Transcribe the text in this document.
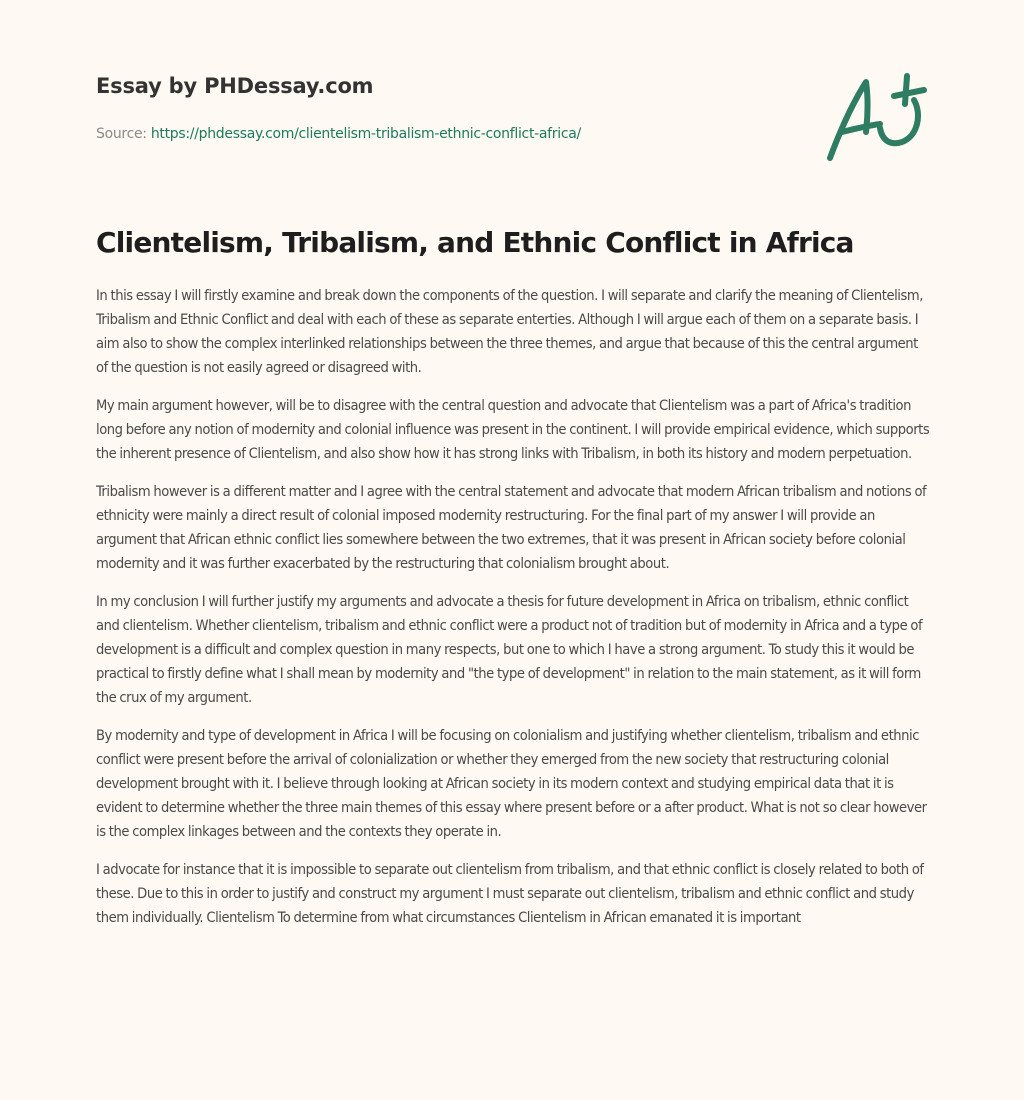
Essay by PHDessay.com
Source: https://phdessay.com/clientelism-tribalism-ethnic-conflict-africa/
Clientelism, Tribalism, and Ethnic Conflict in Africa

In this essay I will firstly examine and break down the components of the question. I will separate and clarify the meaning of Clientelism, Tribalism and Ethnic Conflict and deal with each of these as separate enterties. Although I will argue each of them on a separate basis. I aim also to show the complex interlinked relationships between the three themes, and argue that because of this the central argument of the question is not easily agreed or disagreed with.

My main argument however, will be to disagree with the central question and advocate that Clientelism was a part of Africa's tradition long before any notion of modernity and colonial influence was present in the continent. I will provide empirical evidence, which supports the inherent presence of Clientelism, and also show how it has strong links with Tribalism, in both its history and modern perpetuation.

Tribalism however is a different matter and I agree with the central statement and advocate that modern African tribalism and notions of ethnicity were mainly a direct result of colonial imposed modernity restructuring. For the final part of my answer I will provide an argument that African ethnic conflict lies somewhere between the two extremes, that it was present in African society before colonial modernity and it was further exacerbated by the restructuring that colonialism brought about.

In my conclusion I will further justify my arguments and advocate a thesis for future development in Africa on tribalism, ethnic conflict and clientelism. Whether clientelism, tribalism and ethnic conflict were a product not of tradition but of modernity in Africa and a type of development is a difficult and complex question in many respects, but one to which I have a strong argument. To study this it would be practical to firstly define what I shall mean by modernity and "the type of development" in relation to the main statement, as it will form the crux of my argument.

By modernity and type of development in Africa I will be focusing on colonialism and justifying whether clientelism, tribalism and ethnic conflict were present before the arrival of colonialization or whether they emerged from the new society that restructuring colonial development brought with it. I believe through looking at African society in its modern context and studying empirical data that it is evident to determine whether the three main themes of this essay where present before or a after product. What is not so clear however is the complex linkages between and the contexts they operate in.

I advocate for instance that it is impossible to separate out clientelism from tribalism, and that ethnic conflict is closely related to both of these. Due to this in order to justify and construct my argument I must separate out clientelism, tribalism and ethnic conflict and study them individually. Clientelism To determine from what circumstances Clientelism in African emanated it is important
